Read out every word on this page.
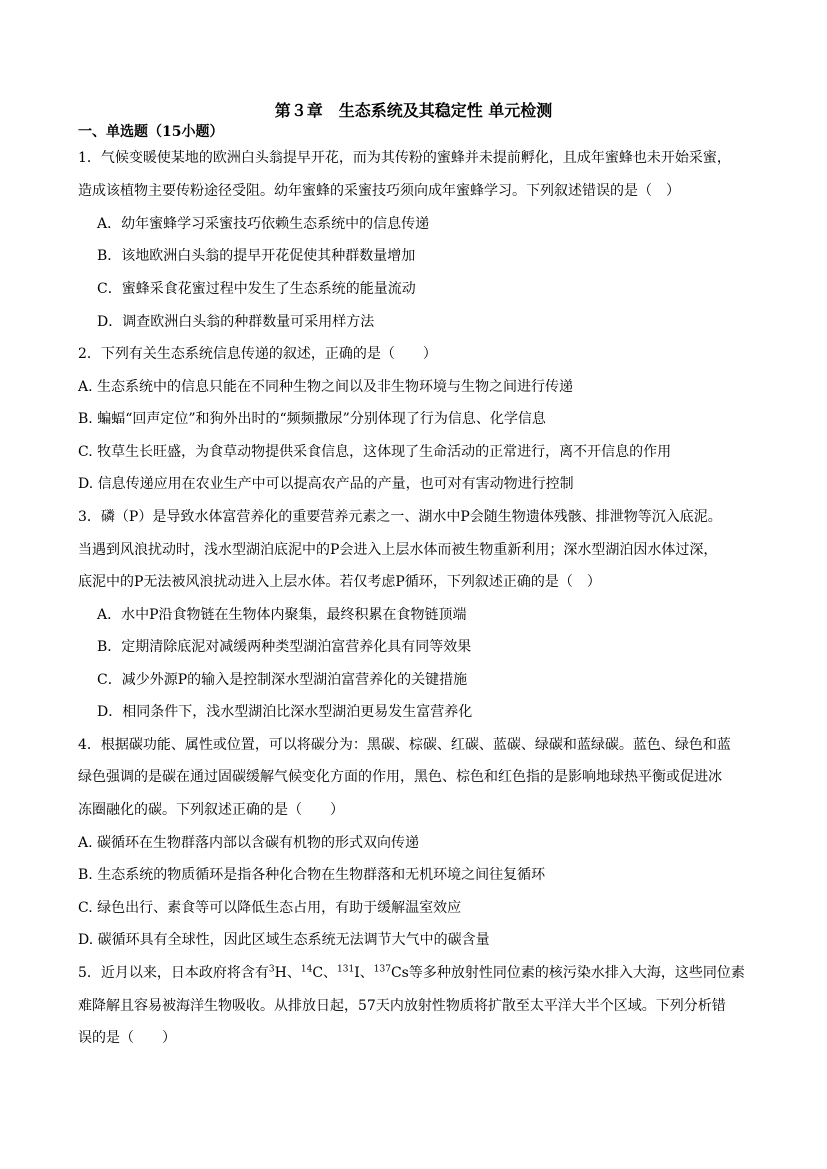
第３章　生态系统及其稳定性 单元检测
一、单选题（15小题）
1．气候变暖使某地的欧洲白头翁提早开花，而为其传粉的蜜蜂并未提前孵化，且成年蜜蜂也未开始采蜜，
造成该植物主要传粉途径受阻。幼年蜜蜂的采蜜技巧须向成年蜜蜂学习。下列叙述错误的是（　）
A．幼年蜜蜂学习采蜜技巧依赖生态系统中的信息传递
B．该地欧洲白头翁的提早开花促使其种群数量增加
C．蜜蜂采食花蜜过程中发生了生态系统的能量流动
D．调查欧洲白头翁的种群数量可采用样方法
2．下列有关生态系统信息传递的叙述，正确的是（　　）
A. 生态系统中的信息只能在不同种生物之间以及非生物环境与生物之间进行传递
B. 蝙蝠“回声定位”和狗外出时的“频频撒尿”分别体现了行为信息、化学信息
C. 牧草生长旺盛，为食草动物提供采食信息，这体现了生命活动的正常进行，离不开信息的作用
D. 信息传递应用在农业生产中可以提高农产品的产量，也可对有害动物进行控制
3．磷（P）是导致水体富营养化的重要营养元素之一、湖水中P会随生物遗体残骸、排泄物等沉入底泥。
当遇到风浪扰动时，浅水型湖泊底泥中的P会进入上层水体而被生物重新利用；深水型湖泊因水体过深，
底泥中的P无法被风浪扰动进入上层水体。若仅考虑P循环，下列叙述正确的是（　）
A．水中P沿食物链在生物体内聚集，最终积累在食物链顶端
B．定期清除底泥对减缓两种类型湖泊富营养化具有同等效果
C．减少外源P的输入是控制深水型湖泊富营养化的关键措施
D．相同条件下，浅水型湖泊比深水型湖泊更易发生富营养化
4．根据碳功能、属性或位置，可以将碳分为：黑碳、棕碳、红碳、蓝碳、绿碳和蓝绿碳。蓝色、绿色和蓝
绿色强调的是碳在通过固碳缓解气候变化方面的作用，黑色、棕色和红色指的是影响地球热平衡或促进冰
冻圈融化的碳。下列叙述正确的是（　　）
A. 碳循环在生物群落内部以含碳有机物的形式双向传递
B. 生态系统的物质循环是指各种化合物在生物群落和无机环境之间往复循环
C. 绿色出行、素食等可以降低生态占用，有助于缓解温室效应
D. 碳循环具有全球性，因此区域生态系统无法调节大气中的碳含量
5．近月以来，日本政府将含有$^3$H、$^{14}$C、$^{131}$I、$^{137}$Cs等多种放射性同位素的核污染水排入大海，这些同位素
难降解且容易被海洋生物吸收。从排放日起，57天内放射性物质将扩散至太平洋大半个区域。下列分析错
误的是（　　）
